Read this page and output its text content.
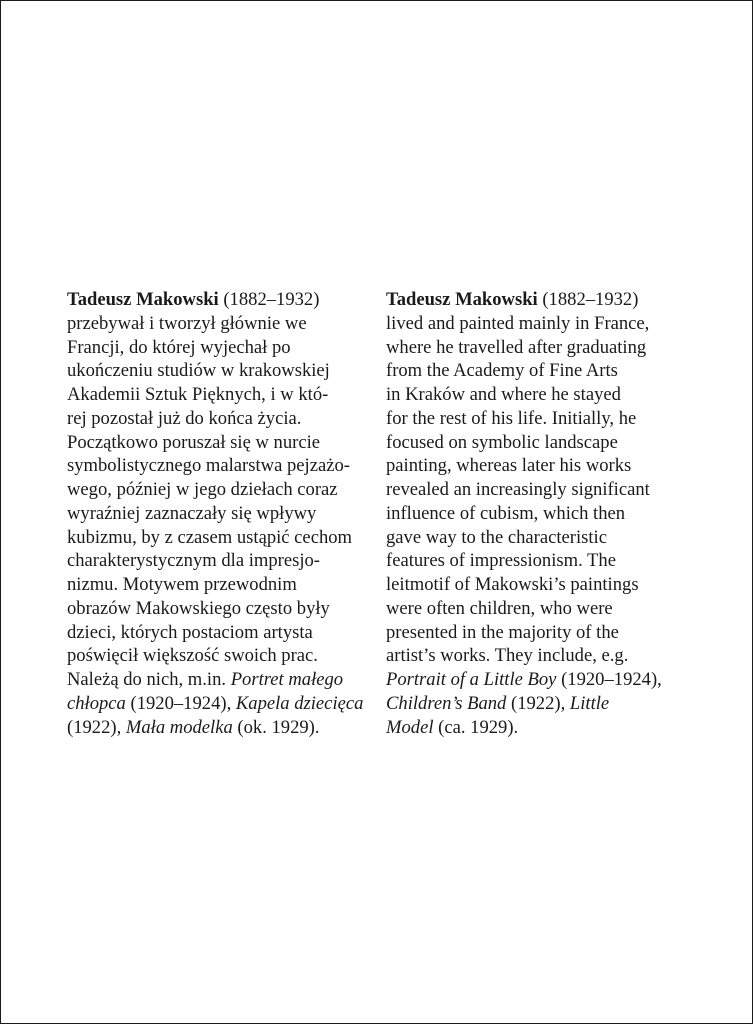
Tadeusz Makowski (1882–1932)
przebywał i tworzył głównie we
Francji, do której wyjechał po
ukończeniu studiów w krakowskiej
Akademii Sztuk Pięknych, i w któ-
rej pozostał już do końca życia.
Początkowo poruszał się w nurcie
symbolistycznego malarstwa pejzażo-
wego, później w jego dziełach coraz
wyraźniej zaznaczały się wpływy
kubizmu, by z czasem ustąpić cechom
charakterystycznym dla impresjo-
nizmu. Motywem przewodnim
obrazów Makowskiego często były
dzieci, których postaciom artysta
poświęcił większość swoich prac.
Należą do nich, m.in. Portret małego
chłopca (1920–1924), Kapela dziecięca
(1922), Mała modelka (ok. 1929).
Tadeusz Makowski (1882–1932)
lived and painted mainly in France,
where he travelled after graduating
from the Academy of Fine Arts
in Kraków and where he stayed
for the rest of his life. Initially, he
focused on symbolic landscape
painting, whereas later his works
revealed an increasingly significant
influence of cubism, which then
gave way to the characteristic
features of impressionism. The
leitmotif of Makowski’s paintings
were often children, who were
presented in the majority of the
artist’s works. They include, e.g.
Portrait of a Little Boy (1920–1924),
Children’s Band (1922), Little
Model (ca. 1929).
